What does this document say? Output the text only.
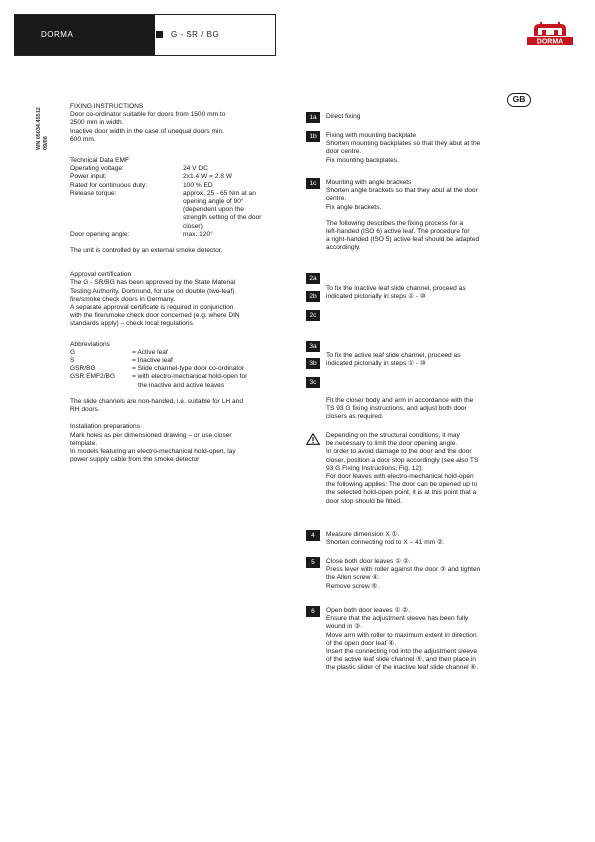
DORMA	G - SR / BG
DORMA
WN 05034.45512 09/08
GB

FIXING INSTRUCTIONS

Door co-ordinator suitable for doors from 1500 mm to

2500 mm in width.

Inactive door width in the case of unequal doors min.

600 mm.

Technical Data EMF

Operating voltage:	24 V DC
Power input:	2x1.4 W = 2.8 W
Rated for continuous duty:	100 % ED
Release torque:	approx. 25 - 65 Nm at an
opening angle of 90°
(dependent upon the
strength setting of the door
closer)
Door opening angle:	max. 120°

The unit is controlled by an external smoke detector.

Approval certification

The G - SR/BG has been approved by the State Material

Testing Authority, Dortmund, for use on double (two-leaf)

fire/smoke check doors in Germany.

A separate approval certificate is required in conjunction

with the fire/smoke check door concerned (e.g. where DIN

standards apply) – check local regulations.

Abbreviations

G	= Active leaf
S	= Inactive leaf
GSR/BG	= Slide channel-type door co-ordinator
GSR EMF2/BG	= with electro-mechanical hold-open for
the inactive and active leaves

The slide channels are non-handed, i.e. suitable for LH and

RH doors.

Installation preparations

Mark holes as per dimensioned drawing – or use closer

template.

In models featuring an electro-mechanical hold-open, lay

power supply cable from the smoke detector

1a	Direct fixing

1b	Fixing with mounting backplate

Shorten mounting backplates so that they abut at the

door centre.

Fix mounting backplates.

1c	Mounting with angle brackets

Shorten angle brackets so that they abut at the door

centre.

Fix angle brackets.

The following describes the fixing process for a

left-handed (ISO 6) active leaf. The procedure for

a right-handed (ISO 5) active leaf should be adapted

accordingly.

2a
2b

To fix the inactive leaf slide channel, proceed as

indicated pictorially in steps ① - ⑩

2c
3a
3b

To fix the active leaf slide channel, proceed as

indicated pictorially in steps ① - ⑩

3c

Fit the closer body and arm in accordance with the

TS 93 G fixing instructions, and adjust both door

closers as required.

Depending on the structural conditions, it may

be necessary to limit the door opening angle.

In order to avoid damage to the door and the door

closer, position a door stop accordingly (see also TS

93 G Fixing Instructions, Fig. 12).

For door leaves with electro-mechanical hold-open

the following applies: The door can be opened up to

the selected hold-open point; it is at this point that a

door stop should be fitted.

4	Measure dimension X ①.

Shorten connecting rod to X – 41 mm ②.

5	Close both door leaves ① ②.

Press lever with roller against the door ③ and tighten

the Allen screw ④.

Remove screw ⑤.

6	Open both door leaves ① ②.

Ensure that the adjustment sleeve has been fully

wound in ③.

Move arm with roller to maximum extent in direction

of the open door leaf ④.

Insert the connecting rod into the adjustment sleeve

of the active leaf slide channel ⑤, and then place in

the plastic slider of the inactive leaf slide channel ⑥.
